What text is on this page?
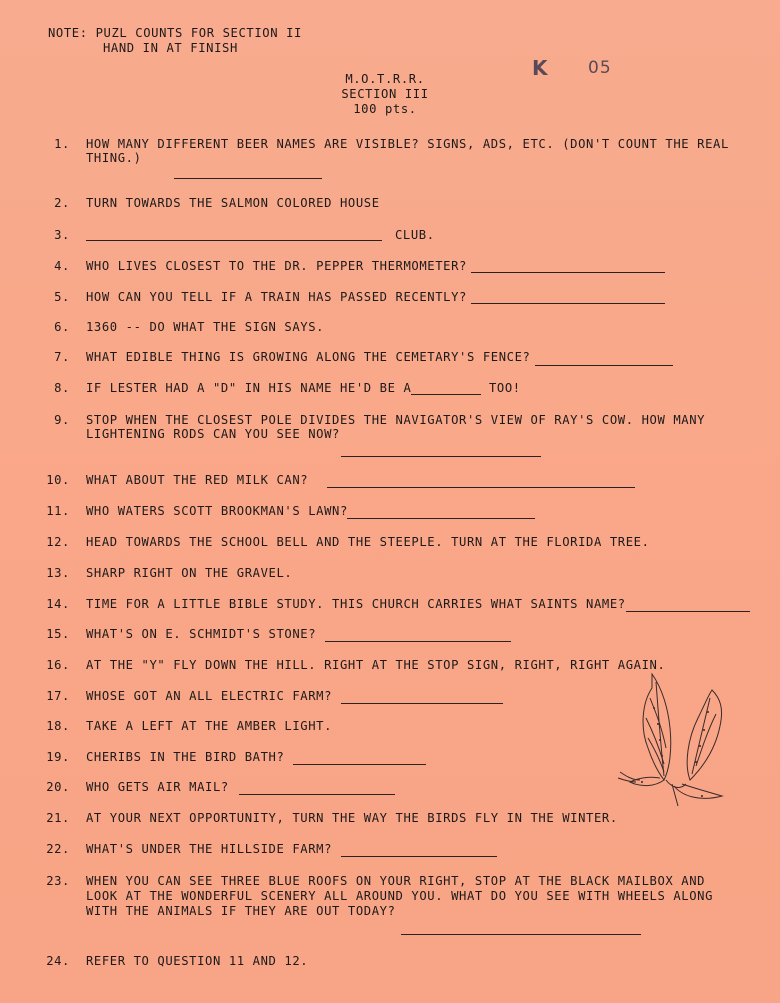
NOTE: PUZL COUNTS FOR SECTION II
HAND IN AT FINISH
M.O.T.R.R.
SECTION III
100 pts.
K 05
1. HOW MANY DIFFERENT BEER NAMES ARE VISIBLE? SIGNS, ADS, ETC. (DON'T COUNT THE REAL
THING.)
2. TURN TOWARDS THE SALMON COLORED HOUSE
3.	CLUB.
4. WHO LIVES CLOSEST TO THE DR. PEPPER THERMOMETER?
5. HOW CAN YOU TELL IF A TRAIN HAS PASSED RECENTLY?
6. 1360 -- DO WHAT THE SIGN SAYS.
7. WHAT EDIBLE THING IS GROWING ALONG THE CEMETARY'S FENCE?
8. IF LESTER HAD A "D" IN HIS NAME HE'D BE A	TOO!
9. STOP WHEN THE CLOSEST POLE DIVIDES THE NAVIGATOR'S VIEW OF RAY'S COW. HOW MANY
LIGHTENING RODS CAN YOU SEE NOW?
10. WHAT ABOUT THE RED MILK CAN?
11. WHO WATERS SCOTT BROOKMAN'S LAWN?
12. HEAD TOWARDS THE SCHOOL BELL AND THE STEEPLE. TURN AT THE FLORIDA TREE.
13. SHARP RIGHT ON THE GRAVEL.
14. TIME FOR A LITTLE BIBLE STUDY. THIS CHURCH CARRIES WHAT SAINTS NAME?
15. WHAT'S ON E. SCHMIDT'S STONE?
16. AT THE "Y" FLY DOWN THE HILL. RIGHT AT THE STOP SIGN, RIGHT, RIGHT AGAIN.
17. WHOSE GOT AN ALL ELECTRIC FARM?
18. TAKE A LEFT AT THE AMBER LIGHT.
19. CHERIBS IN THE BIRD BATH?
20. WHO GETS AIR MAIL?
21. AT YOUR NEXT OPPORTUNITY, TURN THE WAY THE BIRDS FLY IN THE WINTER.
22. WHAT'S UNDER THE HILLSIDE FARM?
23. WHEN YOU CAN SEE THREE BLUE ROOFS ON YOUR RIGHT, STOP AT THE BLACK MAILBOX AND
LOOK AT THE WONDERFUL SCENERY ALL AROUND YOU. WHAT DO YOU SEE WITH WHEELS ALONG
WITH THE ANIMALS IF THEY ARE OUT TODAY?
24. REFER TO QUESTION 11 AND 12.
